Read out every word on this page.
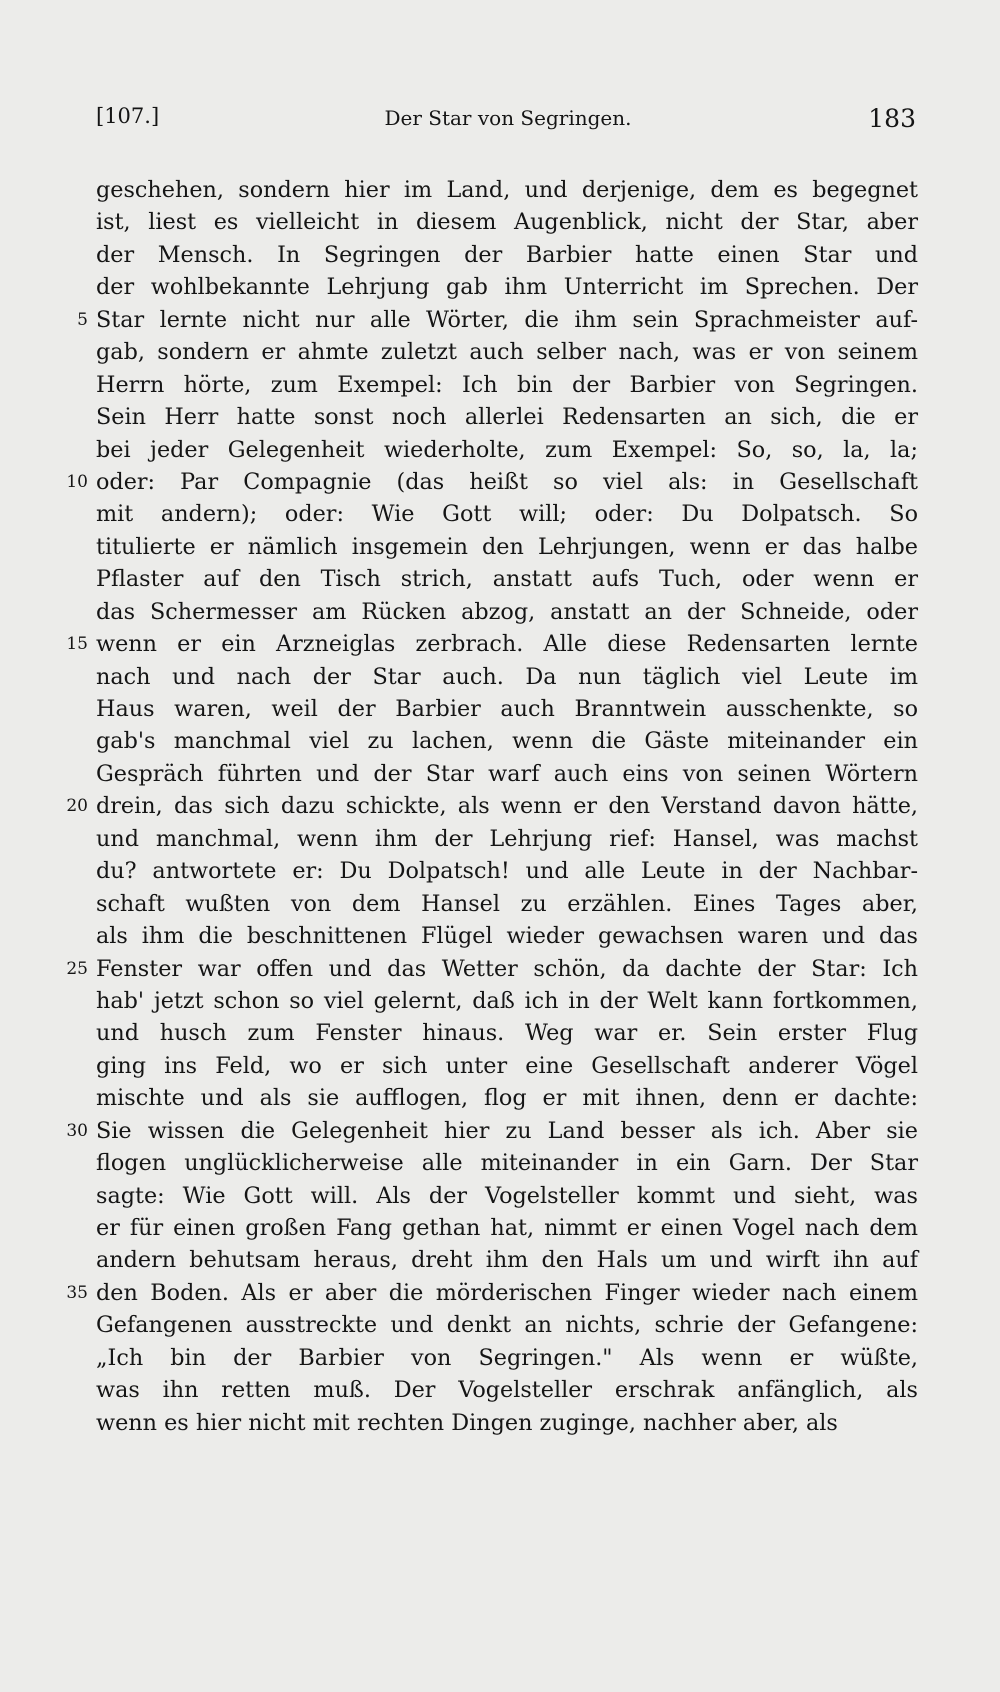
[107.]	Der Star von Segringen.	183
geschehen, sondern hier im Land, und derjenige, dem es begegnet
ist, liest es vielleicht in diesem Augenblick, nicht der Star, aber
der Mensch. In Segringen der Barbier hatte einen Star und
der wohlbekannte Lehrjung gab ihm Unterricht im Sprechen. Der
5 Star lernte nicht nur alle Wörter, die ihm sein Sprachmeister auf-
gab, sondern er ahmte zuletzt auch selber nach, was er von seinem
Herrn hörte, zum Exempel: Ich bin der Barbier von Segringen.
Sein Herr hatte sonst noch allerlei Redensarten an sich, die er
bei jeder Gelegenheit wiederholte, zum Exempel: So, so, la, la;
10 oder: Par Compagnie (das heißt so viel als: in Gesellschaft
mit andern); oder: Wie Gott will; oder: Du Dolpatsch. So
titulierte er nämlich insgemein den Lehrjungen, wenn er das halbe
Pflaster auf den Tisch strich, anstatt aufs Tuch, oder wenn er
das Schermesser am Rücken abzog, anstatt an der Schneide, oder
15 wenn er ein Arzneiglas zerbrach. Alle diese Redensarten lernte
nach und nach der Star auch. Da nun täglich viel Leute im
Haus waren, weil der Barbier auch Branntwein ausschenkte, so
gab's manchmal viel zu lachen, wenn die Gäste miteinander ein
Gespräch führten und der Star warf auch eins von seinen Wörtern
20 drein, das sich dazu schickte, als wenn er den Verstand davon hätte,
und manchmal, wenn ihm der Lehrjung rief: Hansel, was machst
du? antwortete er: Du Dolpatsch! und alle Leute in der Nachbar-
schaft wußten von dem Hansel zu erzählen. Eines Tages aber,
als ihm die beschnittenen Flügel wieder gewachsen waren und das
25 Fenster war offen und das Wetter schön, da dachte der Star: Ich
hab' jetzt schon so viel gelernt, daß ich in der Welt kann fortkommen,
und husch zum Fenster hinaus. Weg war er. Sein erster Flug
ging ins Feld, wo er sich unter eine Gesellschaft anderer Vögel
mischte und als sie aufflogen, flog er mit ihnen, denn er dachte:
30 Sie wissen die Gelegenheit hier zu Land besser als ich. Aber sie
flogen unglücklicherweise alle miteinander in ein Garn. Der Star
sagte: Wie Gott will. Als der Vogelsteller kommt und sieht, was
er für einen großen Fang gethan hat, nimmt er einen Vogel nach dem
andern behutsam heraus, dreht ihm den Hals um und wirft ihn auf
35 den Boden. Als er aber die mörderischen Finger wieder nach einem
Gefangenen ausstreckte und denkt an nichts, schrie der Gefangene:
„Ich bin der Barbier von Segringen." Als wenn er wüßte,
was ihn retten muß. Der Vogelsteller erschrak anfänglich, als
wenn es hier nicht mit rechten Dingen zuginge, nachher aber, als
